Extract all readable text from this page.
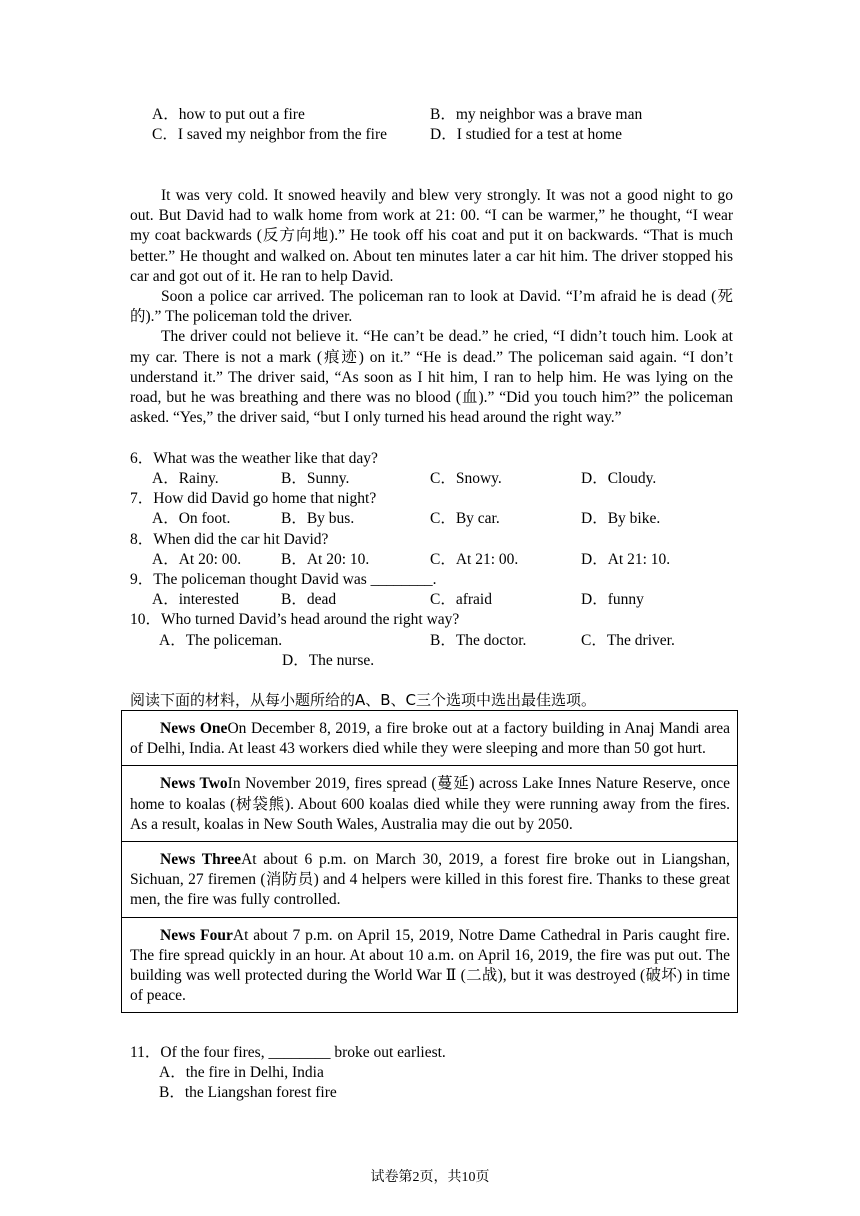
A．how to put out a fire	B．my neighbor was a brave man
C．I saved my neighbor from the fire	D．I studied for a test at home

It was very cold. It snowed heavily and blew very strongly. It was not a good night to go out. But David had to walk home from work at 21: 00. “I can be warmer,” he thought, “I wear my coat backwards (反方向地).” He took off his coat and put it on backwards. “That is much better.” He thought and walked on. About ten minutes later a car hit him. The driver stopped his car and got out of it. He ran to help David.

Soon a police car arrived. The policeman ran to look at David. “I’m afraid he is dead (死的).” The policeman told the driver.

The driver could not believe it. “He can’t be dead.” he cried, “I didn’t touch him. Look at my car. There is not a mark (痕迹) on it.” “He is dead.” The policeman said again. “I don’t understand it.” The driver said, “As soon as I hit him, I ran to help him. He was lying on the road, but he was breathing and there was no blood (血).” “Did you touch him?” the policeman asked. “Yes,” the driver said, “but I only turned his head around the right way.”

6．What was the weather like that day?
A．Rainy.	B．Sunny.	C．Snowy.	D．Cloudy.
7．How did David go home that night?
A．On foot.	B．By bus.	C．By car.	D．By bike.
8．When did the car hit David?
A．At 20: 00.	B．At 20: 10.	C．At 21: 00.	D．At 21: 10.
9．The policeman thought David was ________.
A．interested	B．dead	C．afraid	D．funny
10．Who turned David’s head around the right way?
A．The policeman.	B．The doctor.	C．The driver.
D．The nurse.
阅读下面的材料，从每小题所给的A、B、C三个选项中选出最佳选项。
News OneOn December 8, 2019, a fire broke out at a factory building in Anaj Mandi area of Delhi, India. At least 43 workers died while they were sleeping and more than 50 got hurt.
News TwoIn November 2019, fires spread (蔓延) across Lake Innes Nature Reserve, once home to koalas (树袋熊). About 600 koalas died while they were running away from the fires. As a result, koalas in New South Wales, Australia may die out by 2050.
News ThreeAt about 6 p.m. on March 30, 2019, a forest fire broke out in Liangshan, Sichuan, 27 firemen (消防员) and 4 helpers were killed in this forest fire. Thanks to these great men, the fire was fully controlled.
News FourAt about 7 p.m. on April 15, 2019, Notre Dame Cathedral in Paris caught fire. The fire spread quickly in an hour. At about 10 a.m. on April 16, 2019, the fire was put out. The building was well protected during the World War Ⅱ (二战), but it was destroyed (破坏) in time of peace.
11．Of the four fires, ________ broke out earliest.
A．the fire in Delhi, India
B．the Liangshan forest fire
试卷第2页，共10页
